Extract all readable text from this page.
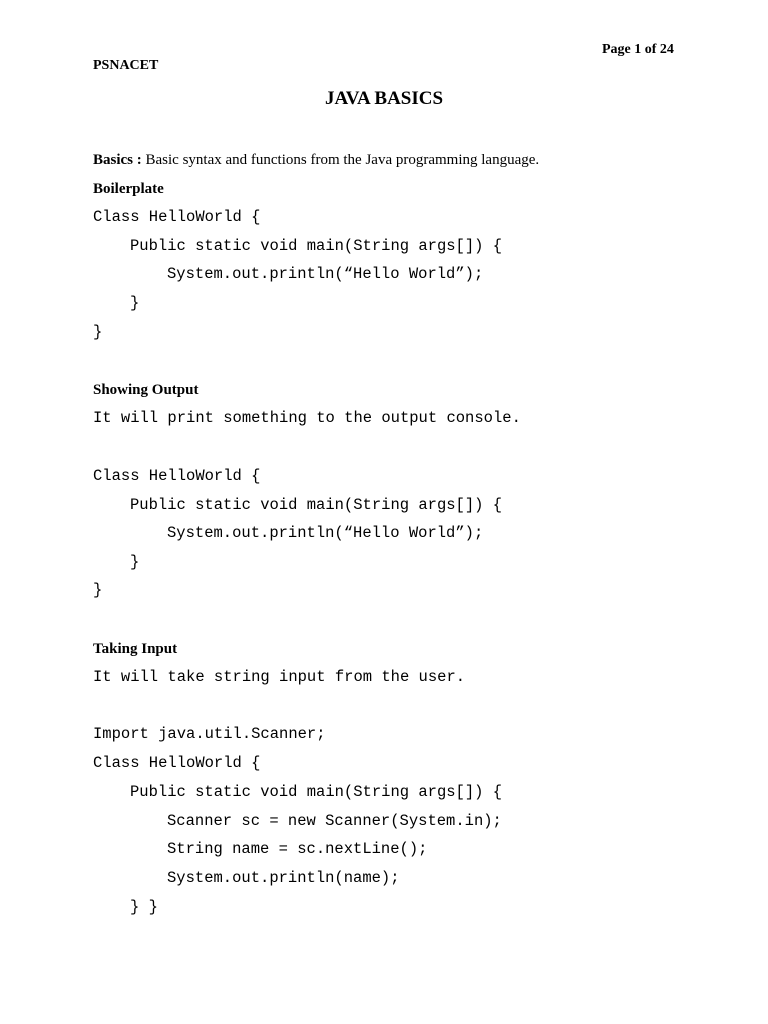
Page 1 of 24
PSNACET
JAVA BASICS
Basics : Basic syntax and functions from the Java programming language.
Boilerplate
Class HelloWorld {
Public static void main(String args[]) {
System.out.println(“Hello World”);
}
}
Showing Output
It will print something to the output console.
Class HelloWorld {
Public static void main(String args[]) {
System.out.println(“Hello World”);
}
}
Taking Input
It will take string input from the user.
Import java.util.Scanner;
Class HelloWorld {
Public static void main(String args[]) {
Scanner sc = new Scanner(System.in);
String name = sc.nextLine();
System.out.println(name);
} }
